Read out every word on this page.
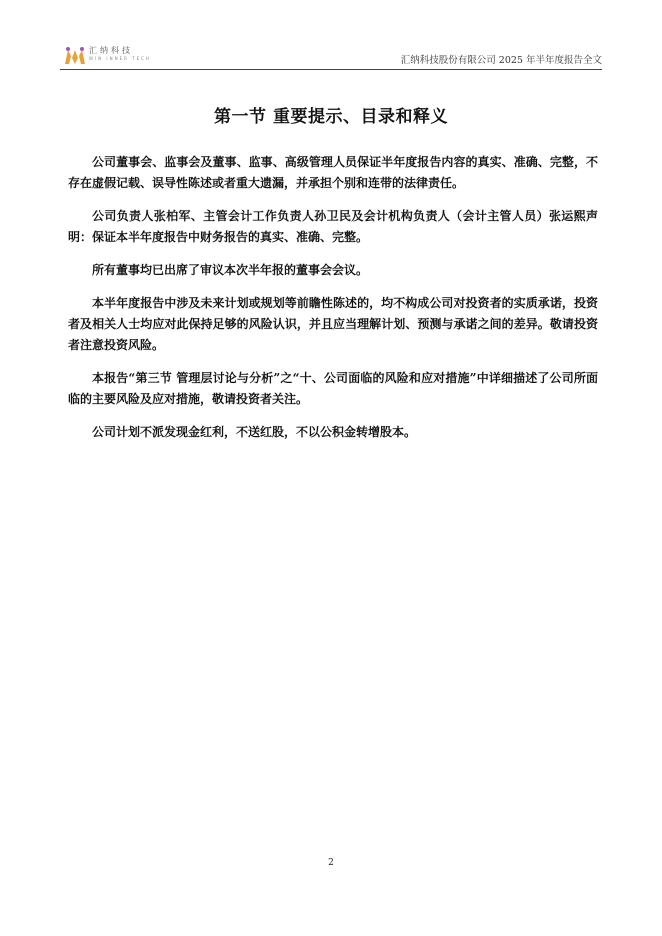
汇纳科技
WIN INNER TECH	汇纳科技股份有限公司 2025 年半年度报告全文
第一节 重要提示、目录和释义

公司董事会、监事会及董事、监事、高级管理人员保证半年度报告内容的真实、准确、完整，不存在虚假记载、误导性陈述或者重大遗漏，并承担个别和连带的法律责任。

公司负责人张柏军、主管会计工作负责人孙卫民及会计机构负责人（会计主管人员）张运熙声明：保证本半年度报告中财务报告的真实、准确、完整。

所有董事均已出席了审议本次半年报的董事会会议。

本半年度报告中涉及未来计划或规划等前瞻性陈述的，均不构成公司对投资者的实质承诺，投资者及相关人士均应对此保持足够的风险认识，并且应当理解计划、预测与承诺之间的差异。敬请投资者注意投资风险。

本报告“第三节 管理层讨论与分析”之“十、公司面临的风险和应对措施”中详细描述了公司所面临的主要风险及应对措施，敬请投资者关注。

公司计划不派发现金红利，不送红股，不以公积金转增股本。

2
